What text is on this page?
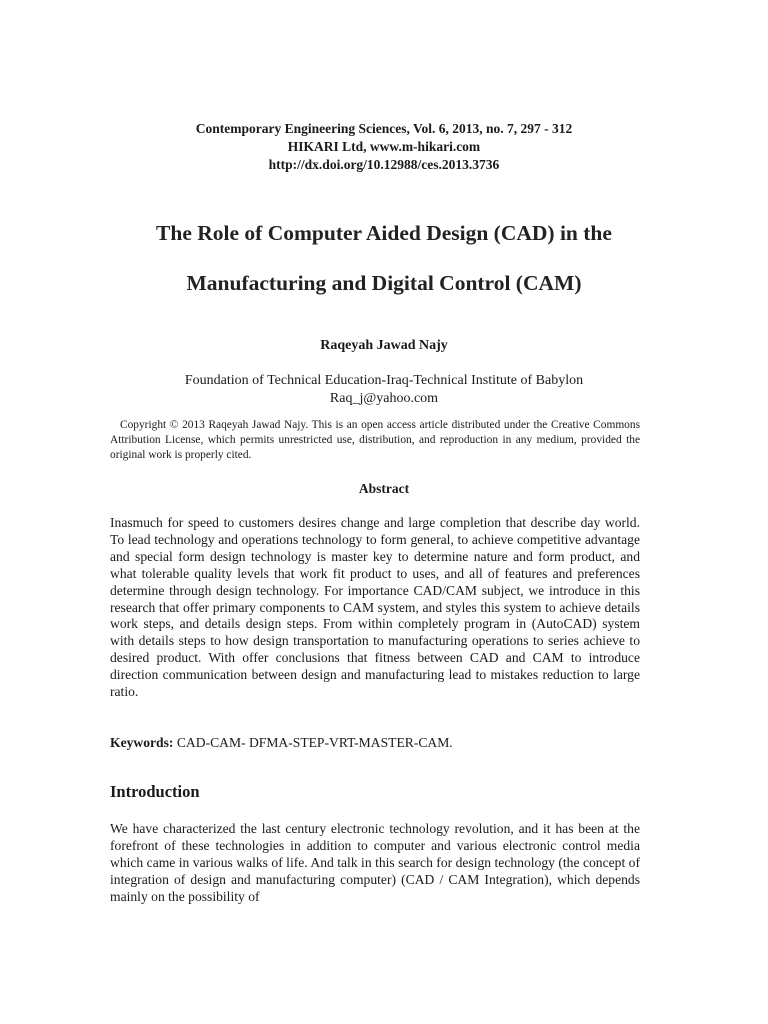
Contemporary Engineering Sciences, Vol. 6, 2013, no. 7, 297 - 312
HIKARI Ltd, www.m-hikari.com
http://dx.doi.org/10.12988/ces.2013.3736
The Role of Computer Aided Design (CAD) in the
Manufacturing and Digital Control (CAM)
Raqeyah Jawad Najy
Foundation of Technical Education-Iraq-Technical Institute of Babylon
Raq_j@yahoo.com
Copyright © 2013 Raqeyah Jawad Najy. This is an open access article distributed under the Creative Commons Attribution License, which permits unrestricted use, distribution, and reproduction in any medium, provided the original work is properly cited.
Abstract
Inasmuch for speed to customers desires change and large completion that describe day world. To lead technology and operations technology to form general, to achieve competitive advantage and special form design technology is master key to determine nature and form product, and what tolerable quality levels that work fit product to uses, and all of features and preferences determine through design technology. For importance CAD/CAM subject, we introduce in this research that offer primary components to CAM system, and styles this system to achieve details work steps, and details design steps. From within completely program in (AutoCAD) system with details steps to how design transportation to manufacturing operations to series achieve to desired product. With offer conclusions that fitness between CAD and CAM to introduce direction communication between design and manufacturing lead to mistakes reduction to large ratio.
Keywords: CAD-CAM- DFMA-STEP-VRT-MASTER-CAM.
Introduction
We have characterized the last century electronic technology revolution, and it has been at the forefront of these technologies in addition to computer and various electronic control media which came in various walks of life. And talk in this search for design technology (the concept of integration of design and manufacturing computer) (CAD / CAM Integration), which depends mainly on the possibility of
